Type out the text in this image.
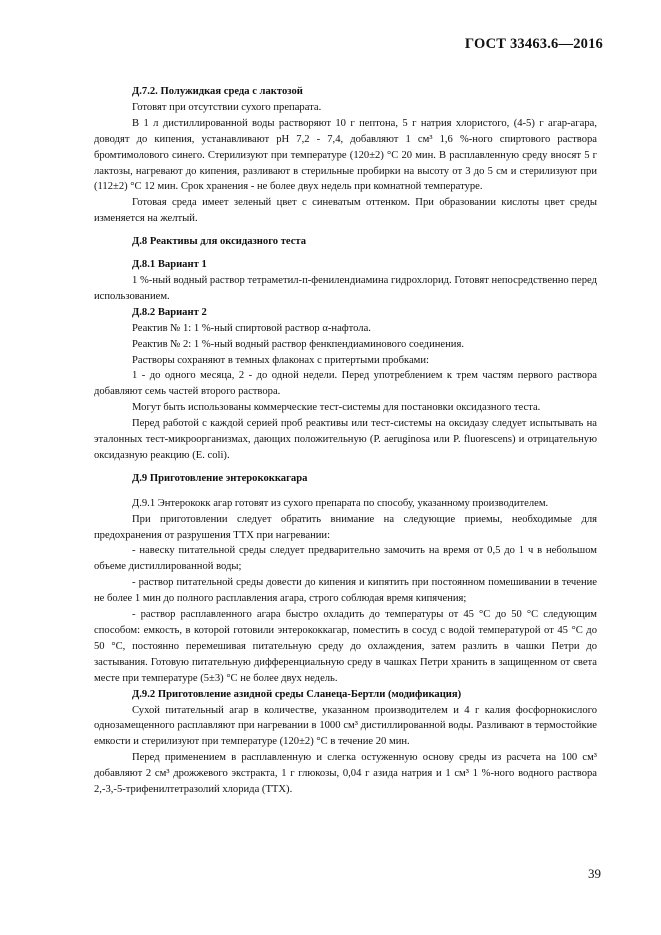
ГОСТ 33463.6—2016

Д.7.2. Полужидкая среда с лактозой

Готовят при отсутствии сухого препарата.

В 1 л дистиллированной воды растворяют 10 г пептона, 5 г натрия хлористого, (4-5) г агар-агара, доводят до кипения, устанавливают pH 7,2 - 7,4, добавляют 1 см³ 1,6 %-ного спиртового раствора бромтимолового синего. Стерилизуют при температуре (120±2) °С 20 мин. В расплавленную среду вносят 5 г лактозы, нагревают до кипения, разливают в стерильные пробирки на высоту от 3 до 5 см и стерилизуют при (112±2) °С 12 мин. Срок хранения - не более двух недель при комнатной температуре.

Готовая среда имеет зеленый цвет с синеватым оттенком. При образовании кислоты цвет среды изменяется на желтый.

Д.8 Реактивы для оксидазного теста

Д.8.1 Вариант 1

1 %-ный водный раствор тетраметил-п-фенилендиамина гидрохлорид. Готовят непосредственно перед использованием.

Д.8.2 Вариант 2

Реактив № 1: 1 %-ный спиртовой раствор α-нафтола.

Реактив № 2: 1 %-ный водный раствор фенкпендиаминового соединения.

Растворы сохраняют в темных флаконах с притертыми пробками:

1 - до одного месяца, 2 - до одной недели. Перед употреблением к трем частям первого раствора добавляют семь частей второго раствора.

Могут быть использованы коммерческие тест-системы для постановки оксидазного теста.

Перед работой с каждой серией проб реактивы или тест-системы на оксидазу следует испытывать на эталонных тест-микроорганизмах, дающих положительную (P. aeruginosa или P. fluorescens) и отрицательную оксидазную реакцию (E. coli).

Д.9 Приготовление энтерококкагара

Д.9.1 Энтерококк агар готовят из сухого препарата по способу, указанному производителем.

При приготовлении следует обратить внимание на следующие приемы, необходимые для предохранения от разрушения ТТХ при нагревании:

- навеску питательной среды следует предварительно замочить на время от 0,5 до 1 ч в небольшом объеме дистиллированной воды;

- раствор питательной среды довести до кипения и кипятить при постоянном помешивании в течение не более 1 мин до полного расплавления агара, строго соблюдая время кипячения;

- раствор расплавленного агара быстро охладить до температуры от 45 °С до 50 °С следующим способом: емкость, в которой готовили энтерококкагар, поместить в сосуд с водой температурой от 45 °С до 50 °С, постоянно перемешивая питательную среду до охлаждения, затем разлить в чашки Петри до застывания. Готовую питательную дифференциальную среду в чашках Петри хранить в защищенном от света месте при температуре (5±3) °С не более двух недель.

Д.9.2 Приготовление азидной среды Сланеца-Бертли (модификация)

Сухой питательный агар в количестве, указанном производителем и 4 г калия фосфорнокислого однозамещенного расплавляют при нагревании в 1000 см³ дистиллированной воды. Разливают в термостойкие емкости и стерилизуют при температуре (120±2) °С в течение 20 мин.

Перед применением в расплавленную и слегка остуженную основу среды из расчета на 100 см³ добавляют 2 см³ дрожжевого экстракта, 1 г глюкозы, 0,04 г азида натрия и 1 см³ 1 %-ного водного раствора 2,-3,-5-трифенилтетразолий хлорида (ТТХ).

39
